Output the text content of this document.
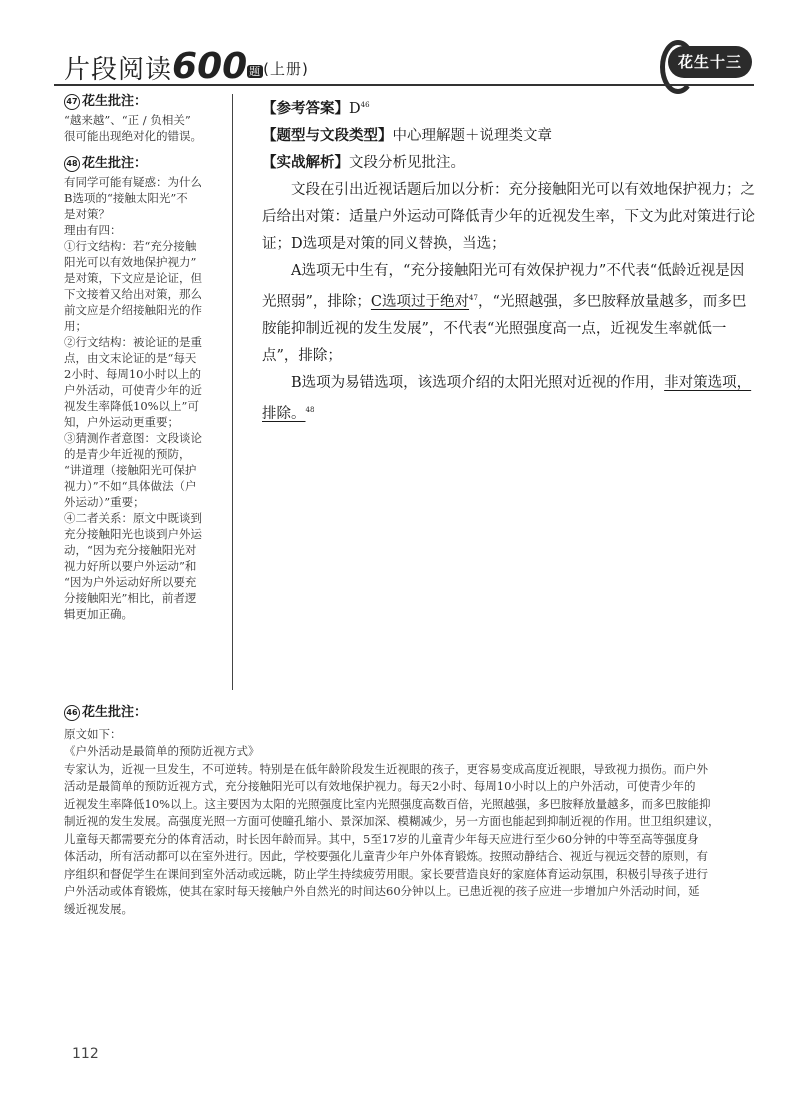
片段阅读600 题 (上册)	花生十三
47 花生批注：

“越来越”、“正 / 负相关”

很可能出现绝对化的错误。

48 花生批注：

有同学可能有疑惑：为什么

B选项的“接触太阳光”不

是对策？

理由有四：

①行文结构：若“充分接触

阳光可以有效地保护视力”

是对策，下文应是论证，但

下文接着又给出对策，那么

前文应是介绍接触阳光的作

用；

②行文结构：被论证的是重

点，由文末论证的是“每天

2小时、每周10小时以上的

户外活动，可使青少年的近

视发生率降低10%以上”可

知，户外运动更重要；

③猜测作者意图：文段谈论

的是青少年近视的预防，

“讲道理（接触阳光可保护

视力）”不如“具体做法（户

外运动）”重要；

④二者关系：原文中既谈到

充分接触阳光也谈到户外运

动，“因为充分接触阳光对

视力好所以要户外运动”和

“因为户外运动好所以要充

分接触阳光”相比，前者逻

辑更加正确。

【参考答案】D$^{46}$

【题型与文段类型】中心理解题＋说理类文章

【实战解析】文段分析见批注。

文段在引出近视话题后加以分析：充分接触阳光可以有效地保护视力；之后给出对策：适量户外运动可降低青少年的近视发生率，下文为此对策进行论证；D选项是对策的同义替换，当选；

A选项无中生有，“充分接触阳光可有效保护视力”不代表“低龄近视是因光照弱”，排除；C选项过于绝对$^{47}$，“光照越强，多巴胺释放量越多，而多巴胺能抑制近视的发生发展”，不代表“光照强度高一点，近视发生率就低一点”，排除；

B选项为易错选项，该选项介绍的太阳光照对近视的作用，非对策选项，排除。$^{48}$

46 花生批注：

原文如下：

《户外活动是最简单的预防近视方式》

专家认为，近视一旦发生，不可逆转。特别是在低年龄阶段发生近视眼的孩子，更容易变成高度近视眼，导致视力损伤。而户外

活动是最简单的预防近视方式，充分接触阳光可以有效地保护视力。每天2小时、每周10小时以上的户外活动，可使青少年的

近视发生率降低10%以上。这主要因为太阳的光照强度比室内光照强度高数百倍，光照越强，多巴胺释放量越多，而多巴胺能抑

制近视的发生发展。高强度光照一方面可使瞳孔缩小、景深加深、模糊减少，另一方面也能起到抑制近视的作用。世卫组织建议，

儿童每天都需要充分的体育活动，时长因年龄而异。其中，5至17岁的儿童青少年每天应进行至少60分钟的中等至高等强度身

体活动，所有活动都可以在室外进行。因此，学校要强化儿童青少年户外体育锻炼。按照动静结合、视近与视远交替的原则，有

序组织和督促学生在课间到室外活动或远眺，防止学生持续疲劳用眼。家长要营造良好的家庭体育运动氛围，积极引导孩子进行

户外活动或体育锻炼，使其在家时每天接触户外自然光的时间达60分钟以上。已患近视的孩子应进一步增加户外活动时间，延

缓近视发展。

112
